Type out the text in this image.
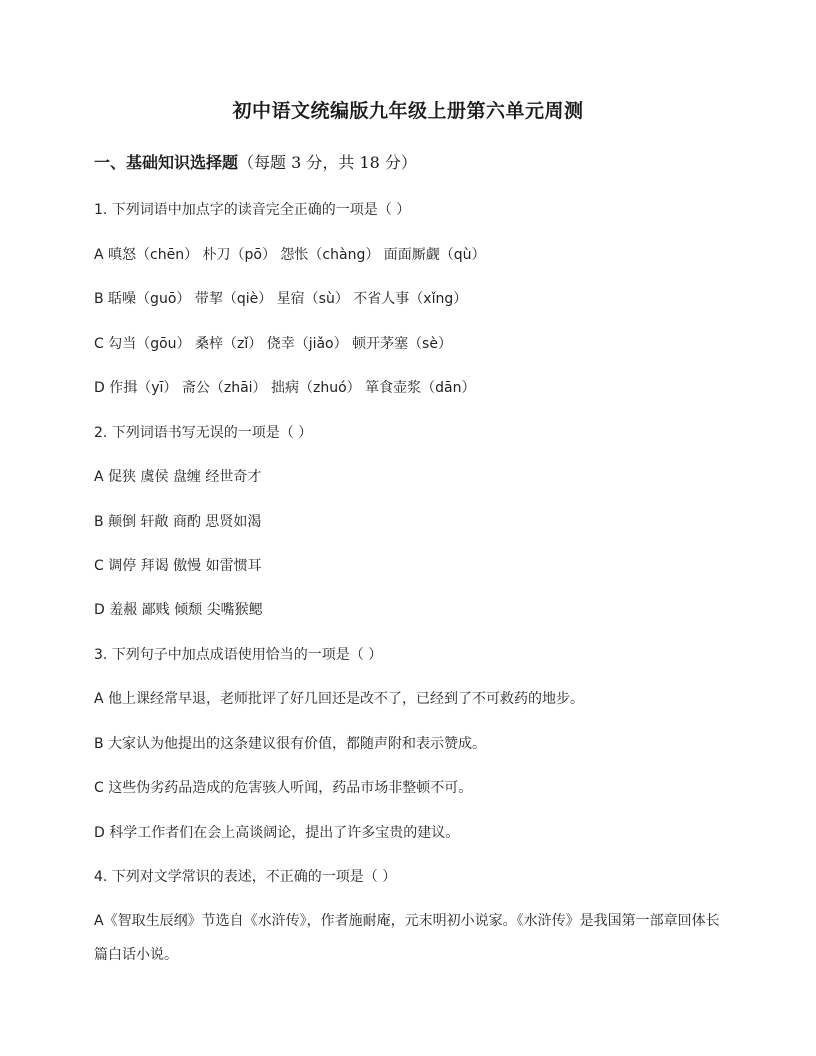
初中语文统编版九年级上册第六单元周测
一、基础知识选择题（每题 3 分，共 18 分）
1. 下列词语中加点字的读音完全正确的一项是（ ）
A 嗔怒（chēn） 朴刀（pō） 怨怅（chàng） 面面厮觑（qù）
B 聒噪（guō） 带挈（qiè） 星宿（sù） 不省人事（xǐng）
C 勾当（gōu） 桑梓（zǐ） 侥幸（jiǎo） 顿开茅塞（sè）
D 作揖（yī） 斋公（zhāi） 拙病（zhuó） 箪食壶浆（dān）
2. 下列词语书写无误的一项是（ ）
A 促狭 虞侯 盘缠 经世奇才
B 颠倒 轩敞 商酌 思贤如渴
C 调停 拜谒 傲慢 如雷惯耳
D 羞赧 鄙贱 倾颓 尖嘴猴鳃
3. 下列句子中加点成语使用恰当的一项是（ ）
A 他上课经常早退，老师批评了好几回还是改不了，已经到了不可救药的地步。
B 大家认为他提出的这条建议很有价值，都随声附和表示赞成。
C 这些伪劣药品造成的危害骇人听闻，药品市场非整顿不可。
D 科学工作者们在会上高谈阔论，提出了许多宝贵的建议。
4. 下列对文学常识的表述，不正确的一项是（ ）
A《智取生辰纲》节选自《水浒传》，作者施耐庵，元末明初小说家。《水浒传》是我国第一部章回体长篇白话小说。
